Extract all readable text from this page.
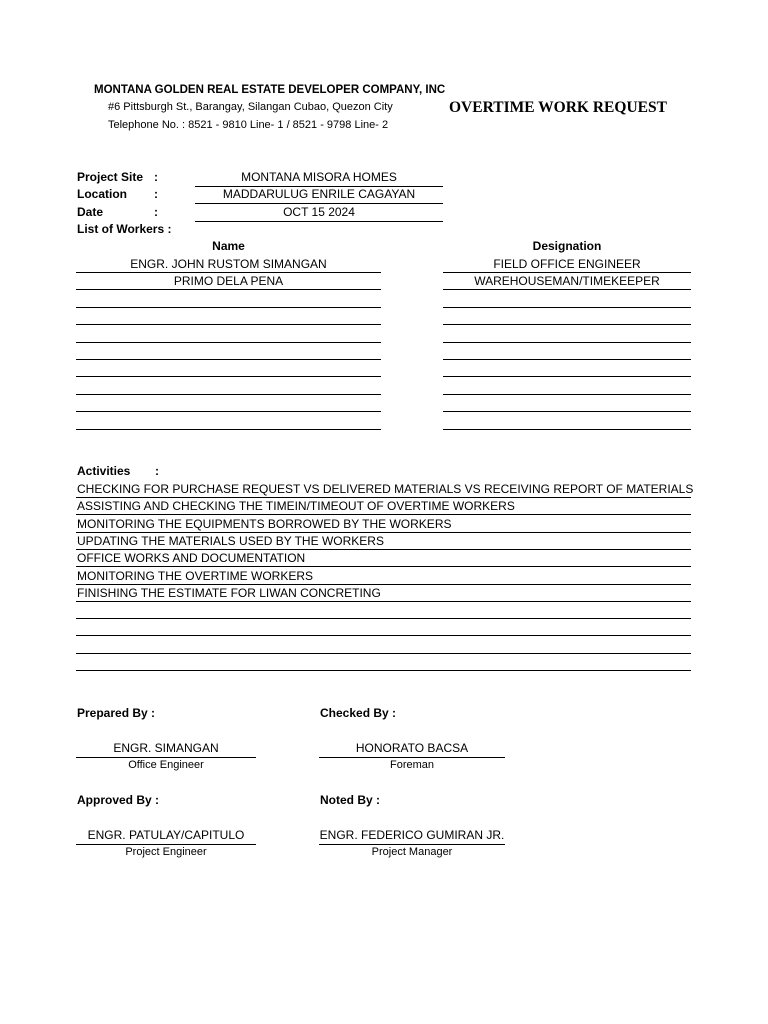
MONTANA GOLDEN REAL ESTATE DEVELOPER COMPANY, INC
#6 Pittsburgh St., Barangay, Silangan Cubao, Quezon City
Telephone No. : 8521 - 9810 Line- 1 / 8521 - 9798 Line- 2
OVERTIME WORK REQUEST
Project Site :	MONTANA MISORA HOMES
Location :	MADDARULUG ENRILE CAGAYAN
Date	:	OCT 15 2024
List of Workers :
Name	Designation
ENGR. JOHN RUSTOM SIMANGAN	FIELD OFFICE ENGINEER
PRIMO DELA PENA	WAREHOUSEMAN/TIMEKEEPER
Activities :
CHECKING FOR PURCHASE REQUEST VS DELIVERED MATERIALS VS RECEIVING REPORT OF MATERIALS
ASSISTING AND CHECKING THE TIMEIN/TIMEOUT OF OVERTIME WORKERS
MONITORING THE EQUIPMENTS BORROWED BY THE WORKERS
UPDATING THE MATERIALS USED BY THE WORKERS
OFFICE WORKS AND DOCUMENTATION
MONITORING THE OVERTIME WORKERS
FINISHING THE ESTIMATE FOR LIWAN CONCRETING
Prepared By :
ENGR. SIMANGAN
Office Engineer
Checked By :
HONORATO BACSA
Foreman
Approved By :
ENGR. PATULAY/CAPITULO
Project Engineer
Noted By :
ENGR. FEDERICO GUMIRAN JR.
Project Manager
